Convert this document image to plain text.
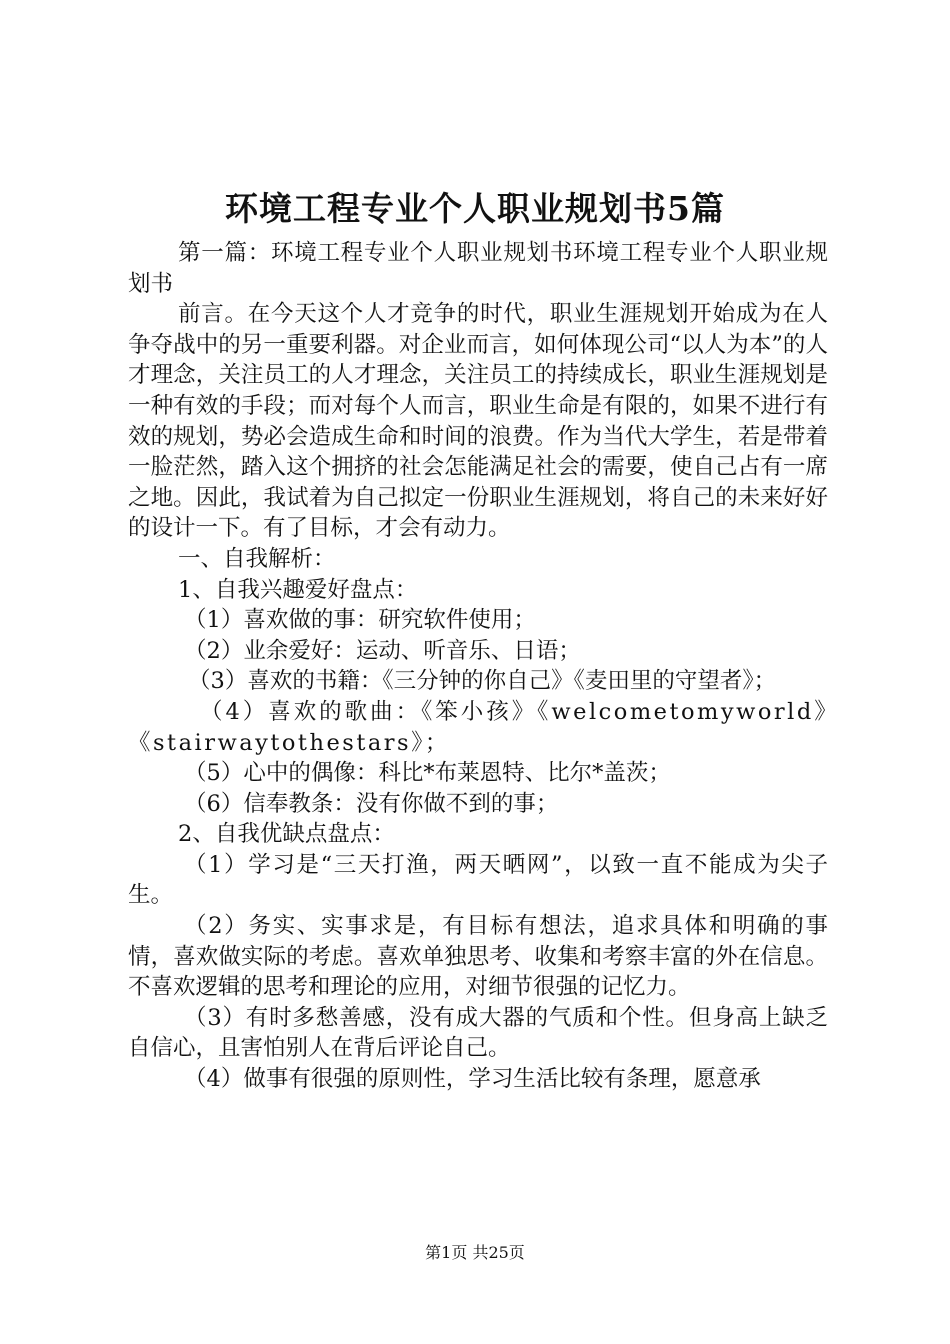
环境工程专业个人职业规划书5篇

第一篇：环境工程专业个人职业规划书环境工程专业个人职业规划书

前言。在今天这个人才竞争的时代，职业生涯规划开始成为在人争夺战中的另一重要利器。对企业而言，如何体现公司“以人为本”的人才理念，关注员工的人才理念，关注员工的持续成长，职业生涯规划是一种有效的手段；而对每个人而言，职业生命是有限的，如果不进行有效的规划，势必会造成生命和时间的浪费。作为当代大学生，若是带着一脸茫然，踏入这个拥挤的社会怎能满足社会的需要，使自己占有一席之地。因此，我试着为自己拟定一份职业生涯规划，将自己的未来好好的设计一下。有了目标，才会有动力。

一、自我解析：

1、自我兴趣爱好盘点：

（1）喜欢做的事：研究软件使用；

（2）业余爱好：运动、听音乐、日语；

（3）喜欢的书籍：《三分钟的你自己》《麦田里的守望者》；

（4）喜欢的歌曲：《笨小孩》《welcometomyworld》《stairwaytothestars》；

（5）心中的偶像：科比*布莱恩特、比尔*盖茨；

（6）信奉教条：没有你做不到的事；

2、自我优缺点盘点：

（1）学习是“三天打渔，两天晒网”，以致一直不能成为尖子生。

（2）务实、实事求是，有目标有想法，追求具体和明确的事情，喜欢做实际的考虑。喜欢单独思考、收集和考察丰富的外在信息。不喜欢逻辑的思考和理论的应用，对细节很强的记忆力。

（3）有时多愁善感，没有成大器的气质和个性。但身高上缺乏自信心，且害怕别人在背后评论自己。

（4）做事有很强的原则性，学习生活比较有条理，愿意承

第1页 共25页
